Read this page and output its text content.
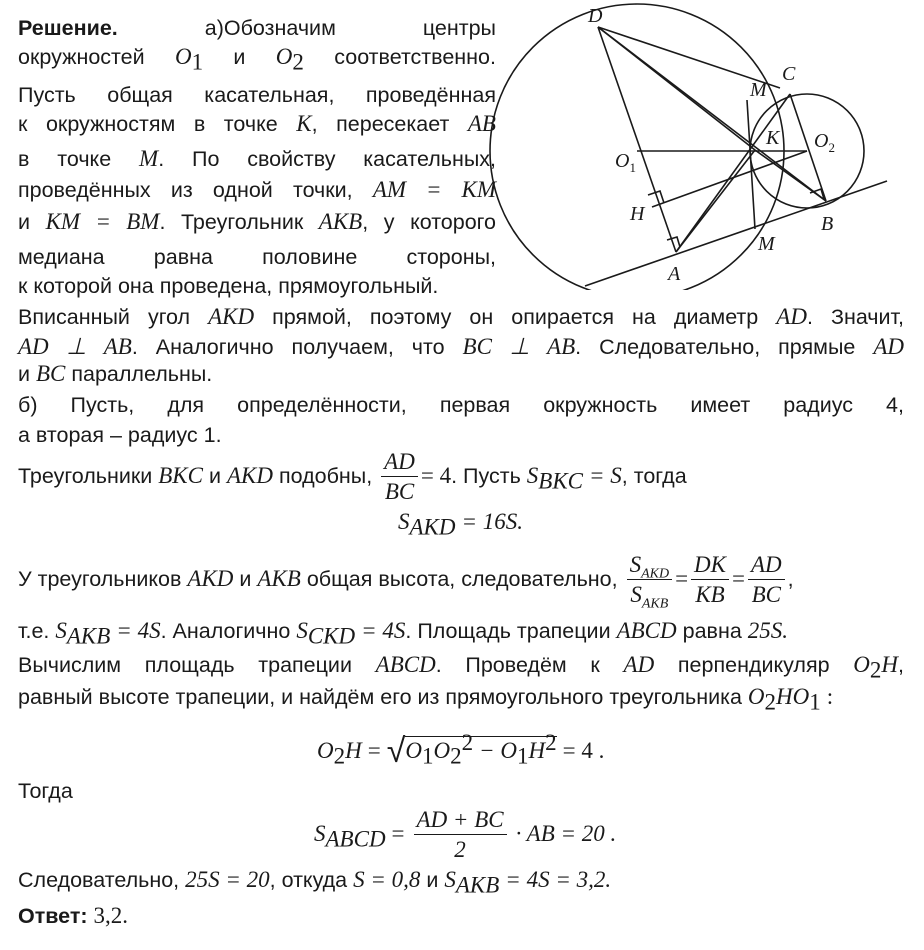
Решение.	а)Обозначим центры
окружностей $O_1$ и $O_2$ соответственно.
Пусть общая касательная, проведённая
к окружностям в точке K, пересекает AB
в точке M. По свойству касательных,
проведённых из одной точки, AM = KM
и KM = BM. Треугольник AKB, у которого
медиана равна половине стороны,
к которой она проведена, прямоугольный.
Вписанный угол AKD прямой, поэтому он опирается на диаметр AD. Значит,
AD ⊥ AB. Аналогично получаем, что BC ⊥ AB. Следовательно, прямые AD
и BC параллельны.
б) Пусть, для определённости, первая окружность имеет радиус 4,
а вторая – радиус 1.
Треугольники BKC и AKD подобны, $\frac{AD}{BC} = 4$. Пусть $S_{BKC} = S$, тогда
$S_{AKD} = 16S$.
У треугольников AKD и AKB общая высота, следовательно, $\frac{S_{AKD}}{S_{AKB}} = \frac{DK}{KB} = \frac{AD}{BC}$ ,
т.е. $S_{AKB} = 4S$. Аналогично $S_{CKD} = 4S$. Площадь трапеции ABCD равна 25S.
Вычислим площадь трапеции ABCD. Проведём к AD перпендикуляр $O_2H$,
равный высоте трапеции, и найдём его из прямоугольного треугольника $O_2HO_1$ :
$O_2H = √O_1O_2^2 - O_1H^2 = 4$ .
Тогда
$S_{ABCD} = \frac{AD + BC}{2}$ · AB = 20 .
Следовательно, 25S = 20, откуда S = 0,8 и $S_{AKB} = 4S = 3,2$.
Ответ: 3,2.
D
C
K
$O_1$
$O_2$
H	B
M
A
M
